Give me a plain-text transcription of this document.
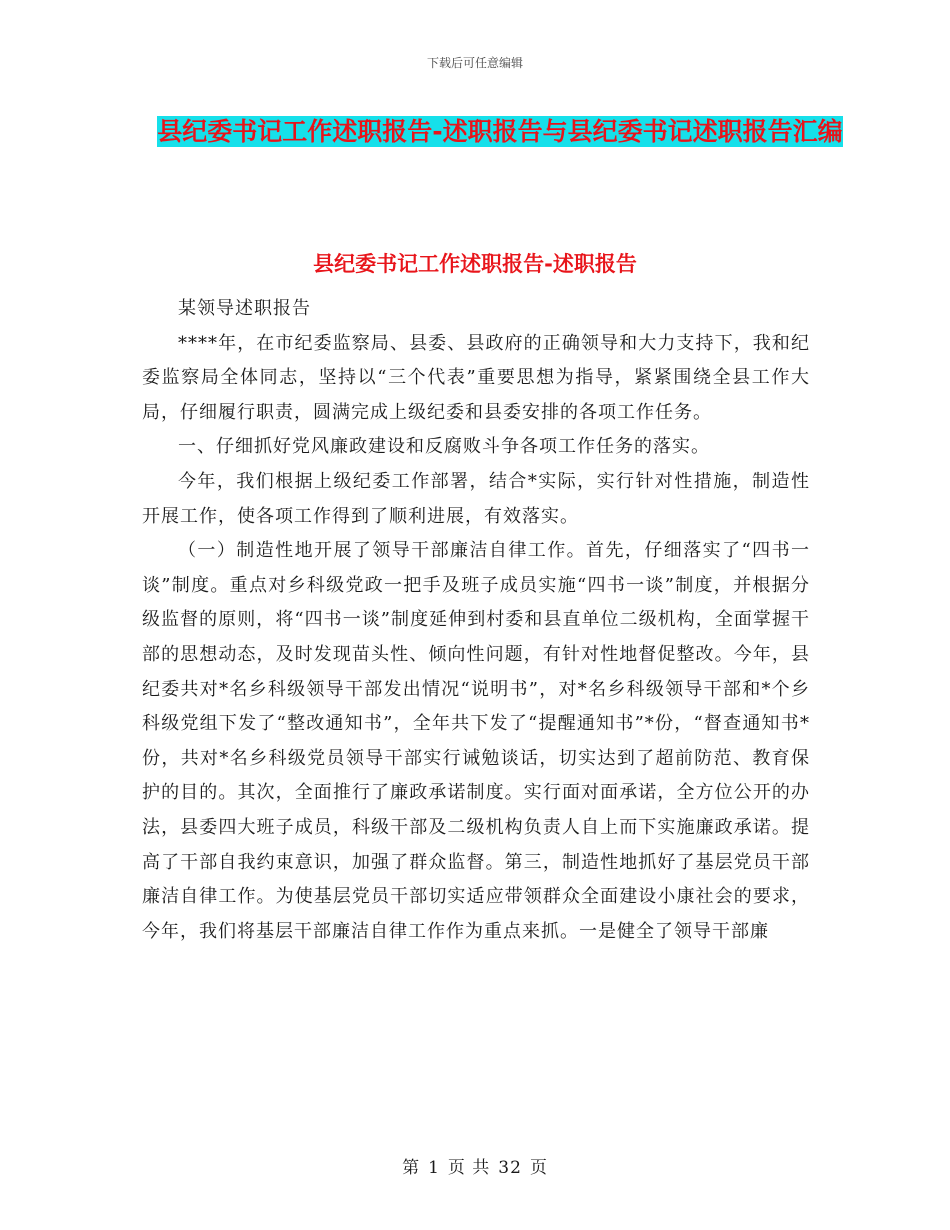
下载后可任意编辑
县纪委书记工作述职报告-述职报告与县纪委书记述职报告汇编
县纪委书记工作述职报告-述职报告

某领导述职报告

****年，在市纪委监察局、县委、县政府的正确领导和大力支持下，我和纪委监察局全体同志，坚持以“三个代表”重要思想为指导，紧紧围绕全县工作大局，仔细履行职责，圆满完成上级纪委和县委安排的各项工作任务。

一、仔细抓好党风廉政建设和反腐败斗争各项工作任务的落实。

今年，我们根据上级纪委工作部署，结合*实际，实行针对性措施，制造性开展工作，使各项工作得到了顺利进展，有效落实。

（一）制造性地开展了领导干部廉洁自律工作。首先，仔细落实了“四书一谈”制度。重点对乡科级党政一把手及班子成员实施“四书一谈”制度，并根据分级监督的原则，将“四书一谈”制度延伸到村委和县直单位二级机构，全面掌握干部的思想动态，及时发现苗头性、倾向性问题，有针对性地督促整改。今年，县纪委共对*名乡科级领导干部发出情况“说明书”，对*名乡科级领导干部和*个乡科级党组下发了“整改通知书”，全年共下发了“提醒通知书”*份，“督查通知书*份，共对*名乡科级党员领导干部实行诫勉谈话，切实达到了超前防范、教育保护的目的。其次，全面推行了廉政承诺制度。实行面对面承诺，全方位公开的办法，县委四大班子成员，科级干部及二级机构负责人自上而下实施廉政承诺。提高了干部自我约束意识，加强了群众监督。第三，制造性地抓好了基层党员干部廉洁自律工作。为使基层党员干部切实适应带领群众全面建设小康社会的要求，今年，我们将基层干部廉洁自律工作作为重点来抓。一是健全了领导干部廉

第 1 页 共 32 页
